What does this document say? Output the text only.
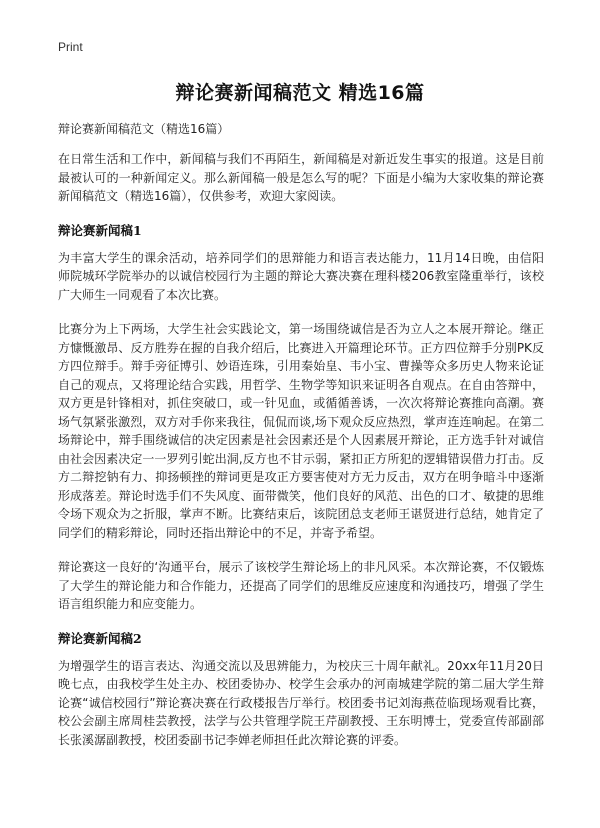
Print
辩论赛新闻稿范文 精选16篇

辩论赛新闻稿范文（精选16篇）

在日常生活和工作中，新闻稿与我们不再陌生，新闻稿是对新近发生事实的报道。这是目前最被认可的一种新闻定义。那么新闻稿一般是怎么写的呢？下面是小编为大家收集的辩论赛新闻稿范文（精选16篇），仅供参考，欢迎大家阅读。

辩论赛新闻稿1

为丰富大学生的课余活动，培养同学们的思辩能力和语言表达能力，11月14日晚，由信阳师院城环学院举办的以诚信校园行为主题的辩论大赛决赛在理科楼206教室隆重举行，该校广大师生一同观看了本次比赛。

比赛分为上下两场，大学生社会实践论文，第一场围绕诚信是否为立人之本展开辩论。继正方慷慨激昂、反方胜券在握的自我介绍后，比赛进入开篇理论环节。正方四位辩手分别PK反方四位辩手。辩手旁征博引、妙语连珠，引用秦始皇、韦小宝、曹操等众多历史人物来论证自己的观点，又将理论结合实践，用哲学、生物学等知识来证明各自观点。在自由答辩中，双方更是针锋相对，抓住突破口，或一针见血，或循循善诱，一次次将辩论赛推向高潮。赛场气氛紧张激烈，双方对手你来我往，侃侃而谈,场下观众反应热烈，掌声连连响起。在第二场辩论中，辩手围绕诚信的决定因素是社会因素还是个人因素展开辩论，正方选手针对诚信由社会因素决定一一罗列引蛇出洞,反方也不甘示弱，紧扣正方所犯的逻辑错误借力打击。反方二辩挖钠有力、抑扬顿挫的辩词更是攻正方要害使对方无力反击，双方在明争暗斗中逐渐形成落差。辩论时选手们不失风度、面带微笑，他们良好的风范、出色的口才、敏捷的思维令场下观众为之折服，掌声不断。比赛结束后，该院团总支老师王谌贤进行总结，她肯定了同学们的精彩辩论，同时还指出辩论中的不足，并寄予希望。

辩论赛这一良好的‘沟通平台，展示了该校学生辩论场上的非凡风采。本次辩论赛，不仅锻炼了大学生的辩论能力和合作能力，还提高了同学们的思维反应速度和沟通技巧，增强了学生语言组织能力和应变能力。

辩论赛新闻稿2

为增强学生的语言表达、沟通交流以及思辨能力，为校庆三十周年献礼。20xx年11月20日晚七点，由我校学生处主办、校团委协办、校学生会承办的河南城建学院的第二届大学生辩论赛“诚信校园行”辩论赛决赛在行政楼报告厅举行。校团委书记刘海燕莅临现场观看比赛，校公会副主席周桂芸教授，法学与公共管理学院王芹副教授、王东明博士，党委宣传部副部长张溪潺副教授，校团委副书记李婵老师担任此次辩论赛的评委。
